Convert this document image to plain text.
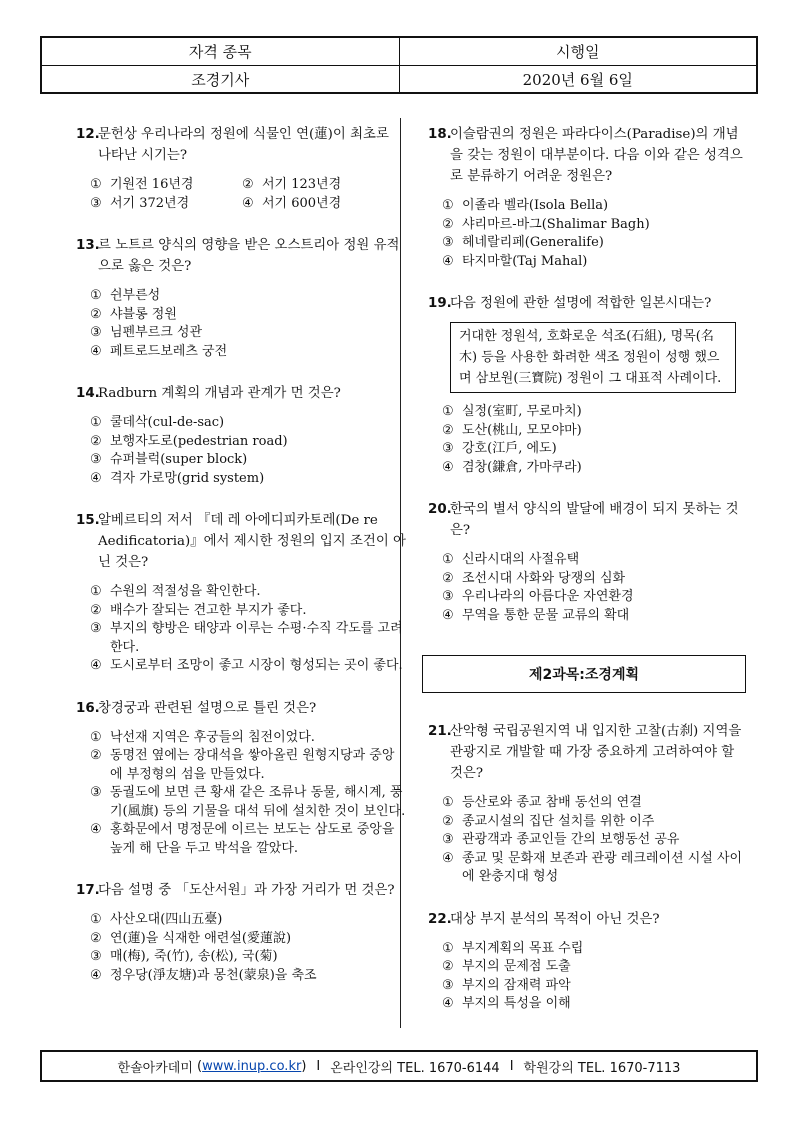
자격 종목	시행일
조경기사	2020년 6월 6일
12.
문헌상 우리나라의 정원에 식물인 연(蓮)이 최초로 나타난 시기는?
① 기원전 16년경	② 서기 123년경
③ 서기 372년경	④ 서기 600년경
13.
르 노트르 양식의 영향을 받은 오스트리아 정원 유적으로 옳은 것은?
① 쉰부른성
② 샤블롱 정원
③ 님펜부르크 성관
④ 페트로드보레츠 궁전
14.
Radburn 계획의 개념과 관계가 먼 것은?
① 쿨데삭(cul-de-sac)
② 보행자도로(pedestrian road)
③ 슈퍼블럭(super block)
④ 격자 가로망(grid system)
15.
알베르티의 저서 『데 레 아에디피카토레(De re Aedificatoria)』에서 제시한 정원의 입지 조건이 아닌 것은?
① 수원의 적절성을 확인한다.
② 배수가 잘되는 견고한 부지가 좋다.
③ 부지의 향방은 태양과 이루는 수평·수직 각도를 고려한다.
④ 도시로부터 조망이 좋고 시장이 형성되는 곳이 좋다.
16.
창경궁과 관련된 설명으로 틀린 것은?
① 낙선재 지역은 후궁들의 침전이었다.
② 동명전 옆에는 장대석을 쌓아올린 원형지당과 중앙에 부정형의 섬을 만들었다.
③ 동궐도에 보면 큰 황새 같은 조류나 동물, 해시계, 풍기(風旗) 등의 기물을 대석 뒤에 설치한 것이 보인다.
④ 홍화문에서 명정문에 이르는 보도는 삼도로 중앙을 높게 해 단을 두고 박석을 깔았다.
17.
다음 설명 중 「도산서원」과 가장 거리가 먼 것은?
① 사산오대(四山五臺)
② 연(蓮)을 식재한 애련설(愛蓮說)
③ 매(梅), 죽(竹), 송(松), 국(菊)
④ 정우당(淨友塘)과 몽천(蒙泉)을 축조
18.
이슬람권의 정원은 파라다이스(Paradise)의 개념을 갖는 정원이 대부분이다. 다음 이와 같은 성격으로 분류하기 어려운 정원은?
① 이졸라 벨라(Isola Bella)
② 샤리마르-바그(Shalimar Bagh)
③ 헤네랄리페(Generalife)
④ 타지마할(Taj Mahal)
19.
다음 정원에 관한 설명에 적합한 일본시대는?
거대한 정원석, 호화로운 석조(石組), 명목(名木) 등을 사용한 화려한 색조 정원이 성행 했으며 삼보원(三寶院) 정원이 그 대표적 사례이다.
① 실정(室町, 무로마치)
② 도산(桃山, 모모야마)
③ 강호(江戶, 에도)
④ 겸창(鎌倉, 가마쿠라)
20.
한국의 별서 양식의 발달에 배경이 되지 못하는 것은?
① 신라시대의 사절유택
② 조선시대 사화와 당쟁의 심화
③ 우리나라의 아름다운 자연환경
④ 무역을 통한 문물 교류의 확대
제2과목:조경계획
21.
산악형 국립공원지역 내 입지한 고찰(古刹) 지역을 관광지로 개발할 때 가장 중요하게 고려하여야 할 것은?
① 등산로와 종교 참배 동선의 연결
② 종교시설의 집단 설치를 위한 이주
③ 관광객과 종교인들 간의 보행동선 공유
④ 종교 및 문화재 보존과 관광 레크레이션 시설 사이에 완충지대 형성
22.
대상 부지 분석의 목적이 아닌 것은?
① 부지계획의 목표 수립
② 부지의 문제점 도출
③ 부지의 잠재력 파악
④ 부지의 특성을 이해
한솔아카데미 ( www.inup.co.kr ) I 온라인강의 TEL. 1670-6144 I 학원강의 TEL. 1670-7113
